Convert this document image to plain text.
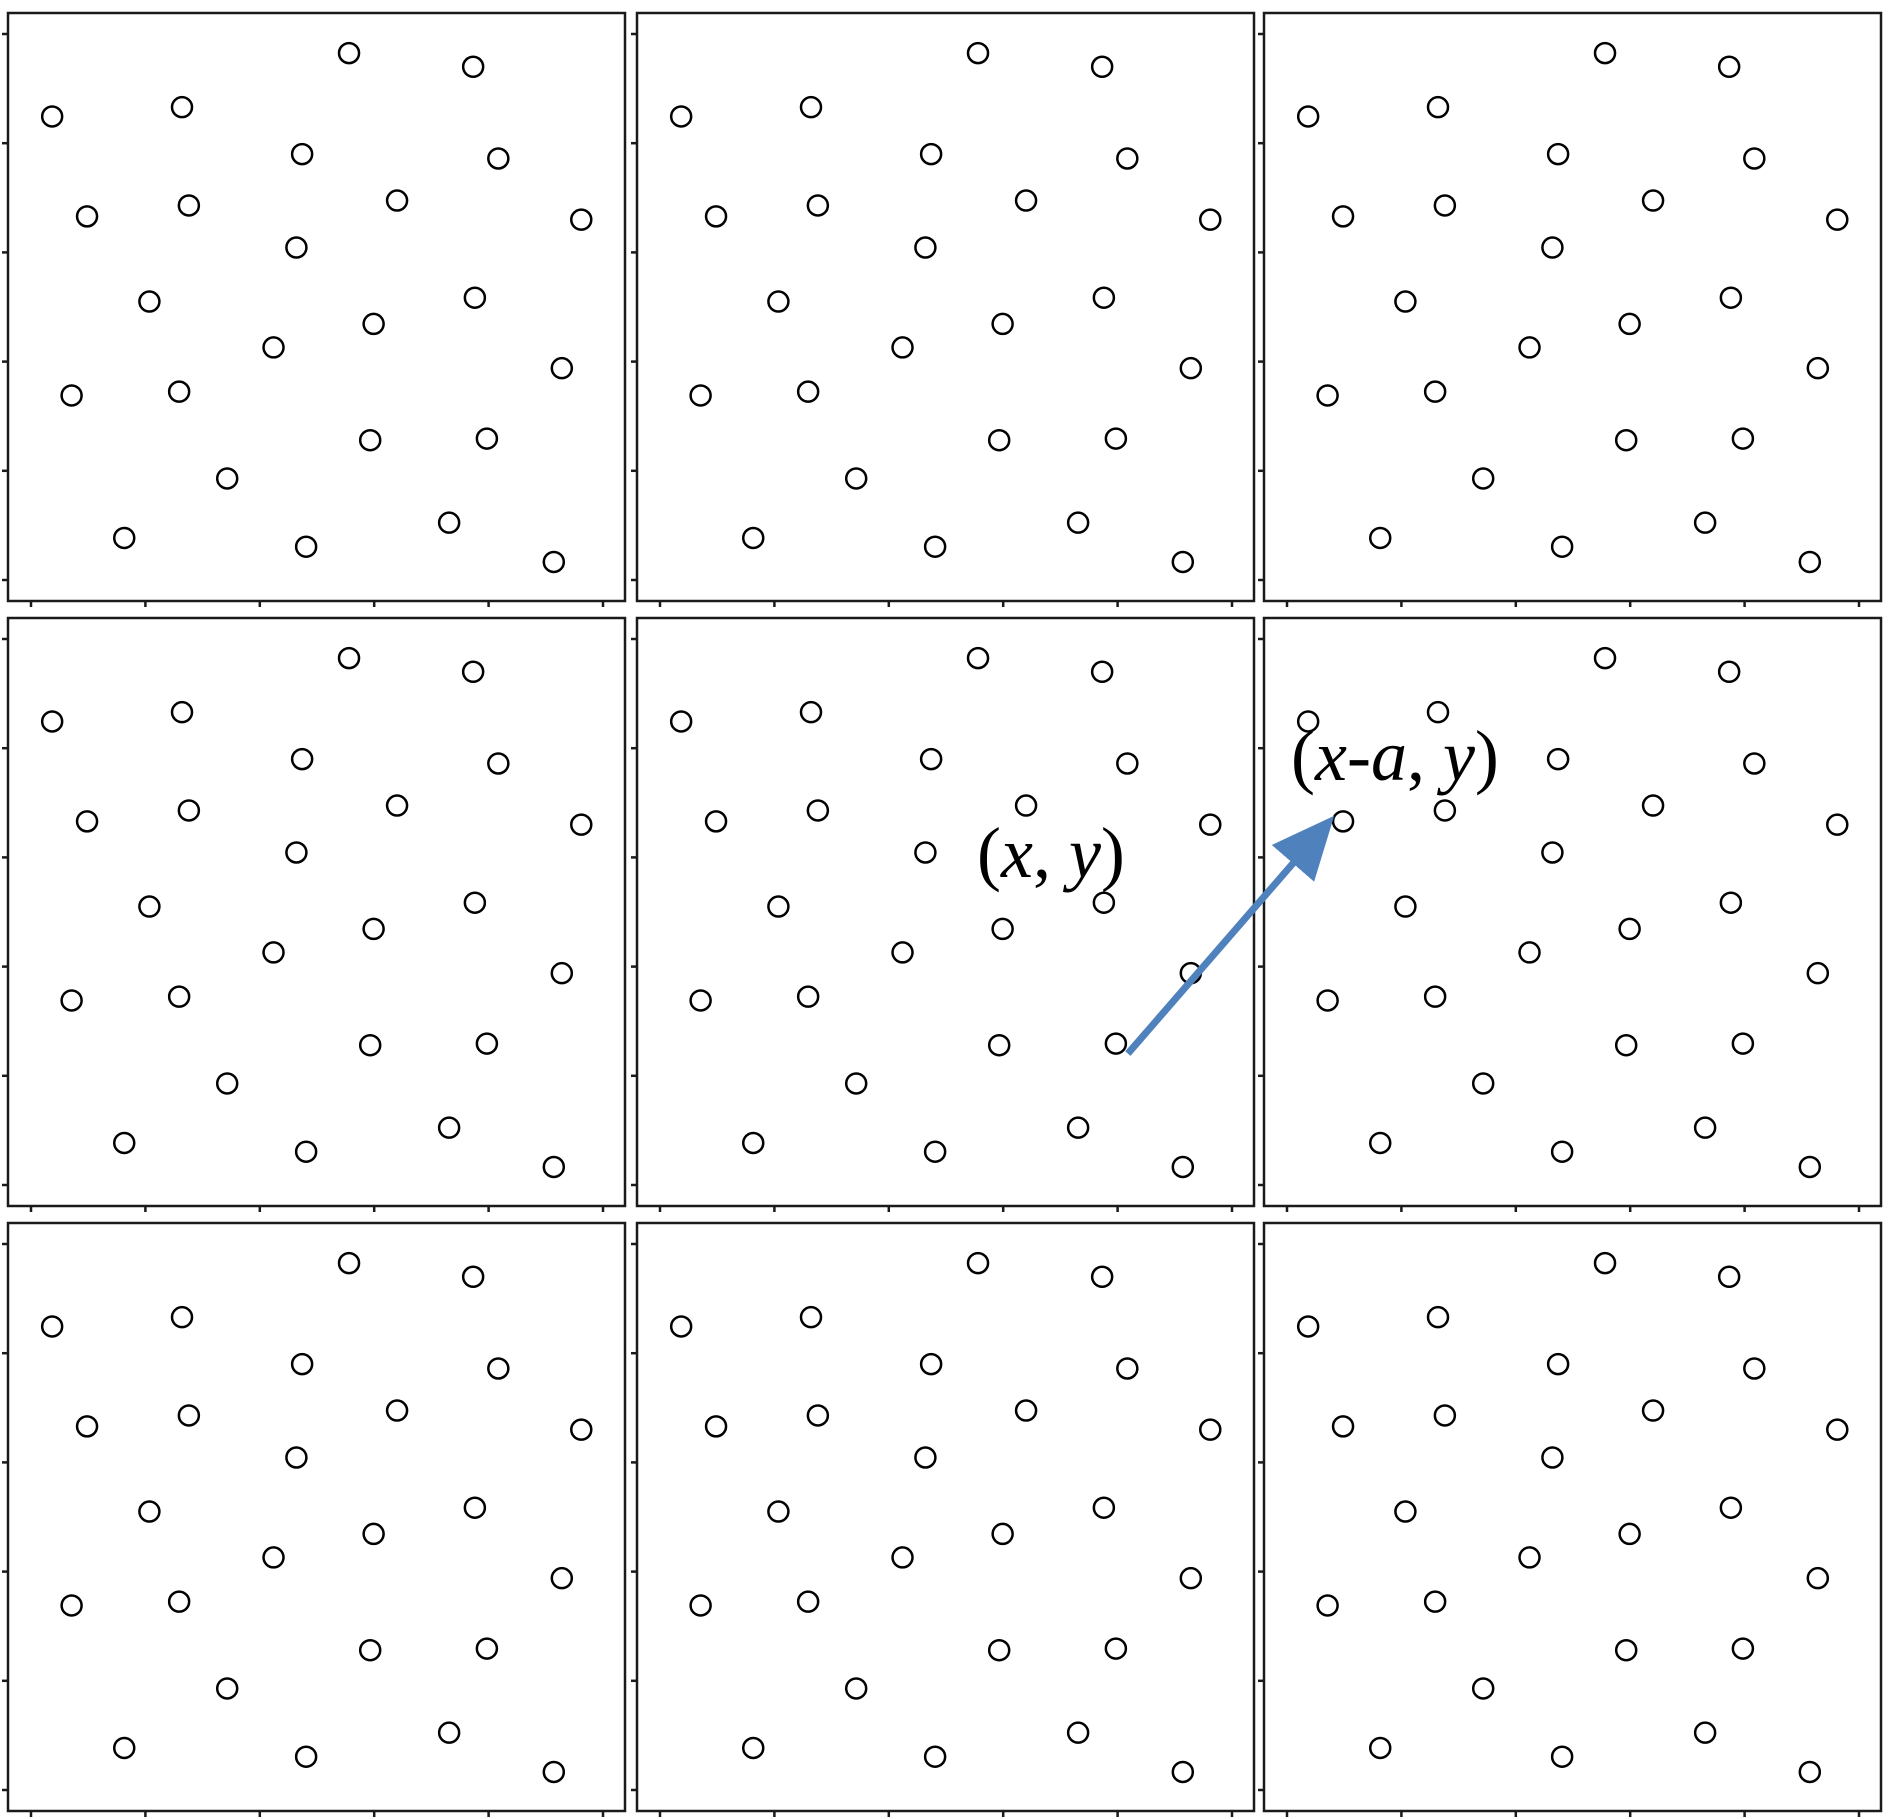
(x, y)
(x-a, y)
